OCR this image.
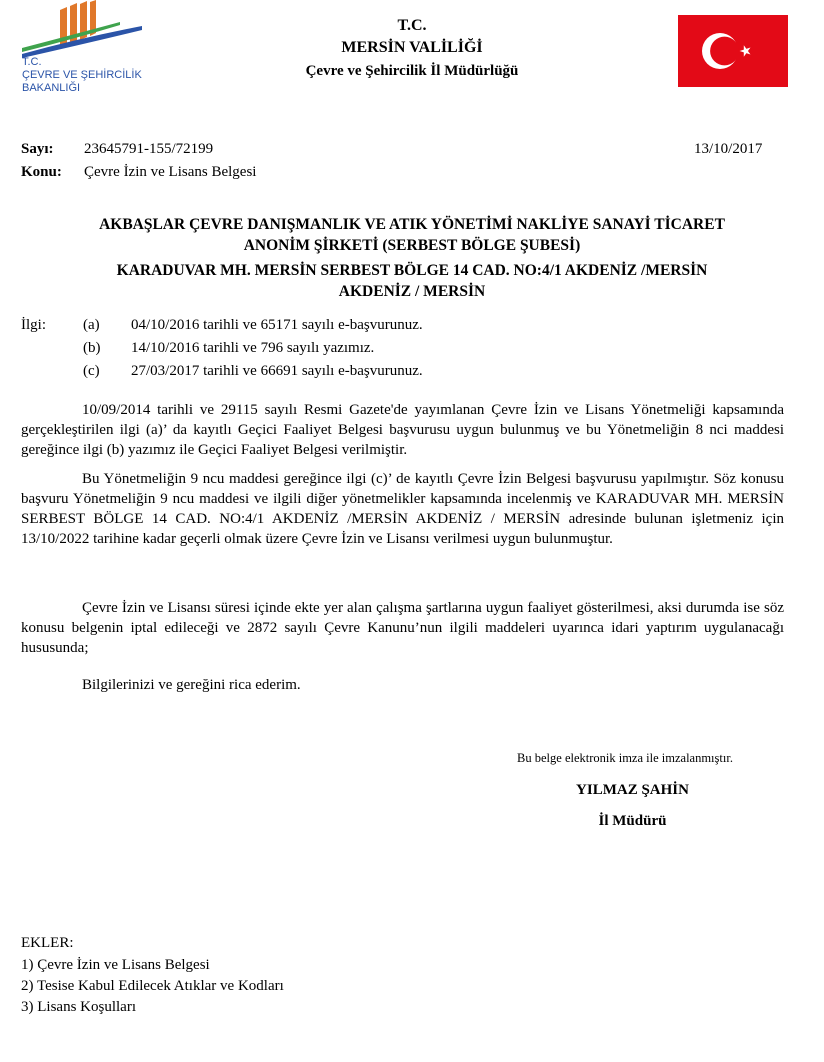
T.C.
ÇEVRE VE ŞEHİRCİLİK
BAKANLIĞI
T.C.
MERSİN VALİLİĞİ
Çevre ve Şehircilik İl Müdürlüğü
Sayı: 23645791-155/72199	13/10/2017
Konu: Çevre İzin ve Lisans Belgesi
AKBAŞLAR ÇEVRE DANIŞMANLIK VE ATIK YÖNETİMİ NAKLİYE SANAYİ TİCARET
ANONİM ŞİRKETİ (SERBEST BÖLGE ŞUBESİ)
KARADUVAR MH. MERSİN SERBEST BÖLGE 14 CAD. NO:4/1 AKDENİZ /MERSİN
AKDENİZ / MERSİN
İlgi: (a) 04/10/2016 tarihli ve 65171 sayılı e-başvurunuz.
(b) 14/10/2016 tarihli ve 796 sayılı yazımız.
(c) 27/03/2017 tarihli ve 66691 sayılı e-başvurunuz.
10/09/2014 tarihli ve 29115 sayılı Resmi Gazete'de yayımlanan Çevre İzin ve Lisans Yönetmeliği kapsamında gerçekleştirilen ilgi (a)’ da kayıtlı Geçici Faaliyet Belgesi başvurusu uygun bulunmuş ve bu Yönetmeliğin 8 nci maddesi gereğince ilgi (b) yazımız ile Geçici Faaliyet Belgesi verilmiştir.
Bu Yönetmeliğin 9 ncu maddesi gereğince ilgi (c)’ de kayıtlı Çevre İzin Belgesi başvurusu yapılmıştır. Söz konusu başvuru Yönetmeliğin 9 ncu maddesi ve ilgili diğer yönetmelikler kapsamında incelenmiş ve KARADUVAR MH. MERSİN SERBEST BÖLGE 14 CAD. NO:4/1 AKDENİZ /MERSİN AKDENİZ / MERSİN adresinde bulunan işletmeniz için 13/10/2022 tarihine kadar geçerli olmak üzere Çevre İzin ve Lisansı verilmesi uygun bulunmuştur.
Çevre İzin ve Lisansı süresi içinde ekte yer alan çalışma şartlarına uygun faaliyet gösterilmesi, aksi durumda ise söz konusu belgenin iptal edileceği ve 2872 sayılı Çevre Kanunu’nun ilgili maddeleri uyarınca idari yaptırım uygulanacağı hususunda;
Bilgilerinizi ve gereğini rica ederim.
Bu belge elektronik imza ile imzalanmıştır.
YILMAZ ŞAHİN
İl Müdürü
EKLER:
1) Çevre İzin ve Lisans Belgesi
2) Tesise Kabul Edilecek Atıklar ve Kodları
3) Lisans Koşulları
